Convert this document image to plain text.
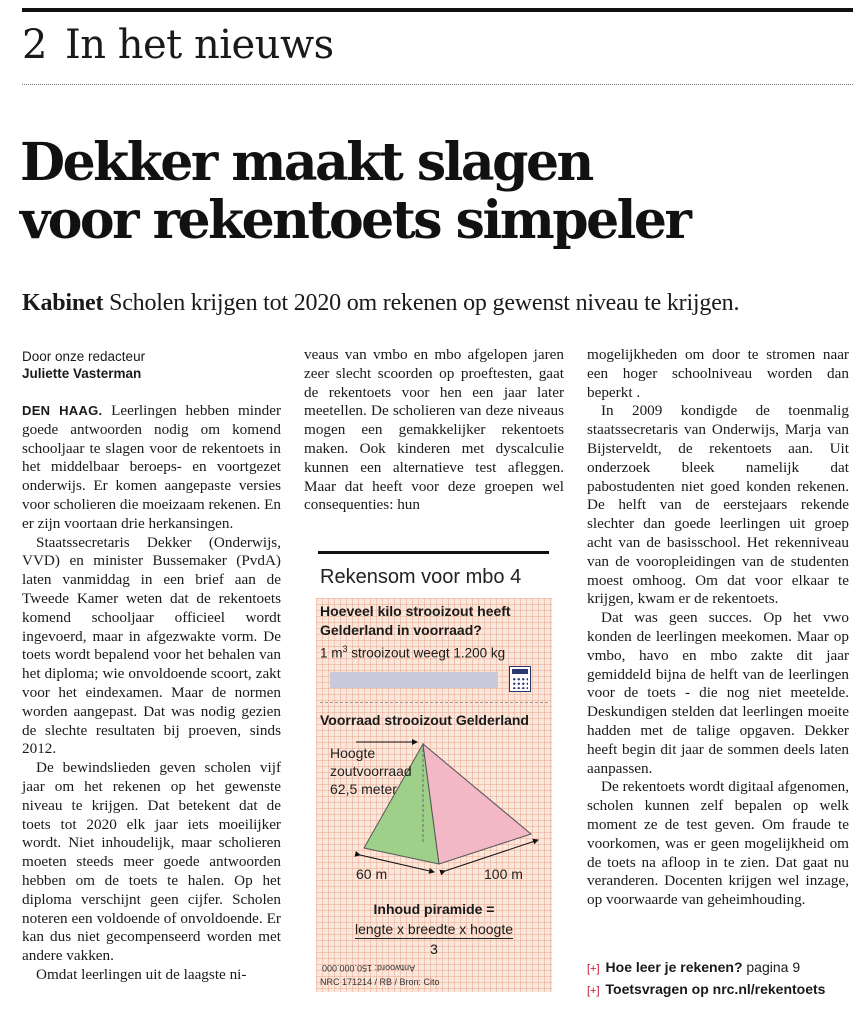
2 In het nieuws
Dekker maakt slagen
voor rekentoets simpeler
Kabinet Scholen krijgen tot 2020 om rekenen op gewenst niveau te krijgen.
Door onze redacteur
Juliette Vasterman

DEN HAAG. Leerlingen hebben minder goede antwoorden nodig om komend schooljaar te slagen voor de rekentoets in het middelbaar beroeps- en voortgezet onderwijs. Er komen aangepaste versies voor scholieren die moeizaam rekenen. En er zijn voortaan drie herkansingen.

Staatssecretaris Dekker (Onderwijs, VVD) en minister Bussemaker (PvdA) laten vanmiddag in een brief aan de Tweede Kamer weten dat de rekentoets komend schooljaar officieel wordt ingevoerd, maar in afgezwakte vorm. De toets wordt bepalend voor het behalen van het diploma; wie onvoldoende scoort, zakt voor het eindexamen. Maar de normen worden aangepast. Dat was nodig gezien de slechte resultaten bij proeven, sinds 2012.

De bewindslieden geven scholen vijf jaar om het rekenen op het gewenste niveau te krijgen. Dat betekent dat de toets tot 2020 elk jaar iets moeilijker wordt. Niet inhoudelijk, maar scholieren moeten steeds meer goede antwoorden hebben om de toets te halen. Op het diploma verschijnt geen cijfer. Scholen noteren een voldoende of onvoldoende. Er kan dus niet gecompenseerd worden met andere vakken.

Omdat leerlingen uit de laagste ni-

veaus van vmbo en mbo afgelopen jaren zeer slecht scoorden op proeftesten, gaat de rekentoets voor hen een jaar later meetellen. De scholieren van deze niveaus mogen een gemakkelijker rekentoets maken. Ook kinderen met dyscalculie kunnen een alternatieve test afleggen. Maar dat heeft voor deze groepen wel consequenties: hun

mogelijkheden om door te stromen naar een hoger schoolniveau worden dan beperkt .

In 2009 kondigde de toenmalig staatssecretaris van Onderwijs, Marja van Bijsterveldt, de rekentoets aan. Uit onderzoek bleek namelijk dat pabostudenten niet goed konden rekenen. De helft van de eerstejaars rekende slechter dan goede leerlingen uit groep acht van de basisschool. Het rekenniveau van de vooropleidingen van de studenten moest omhoog. Om dat voor elkaar te krijgen, kwam er de rekentoets.

Dat was geen succes. Op het vwo konden de leerlingen meekomen. Maar op vmbo, havo en mbo zakte dit jaar gemiddeld bijna de helft van de leerlingen voor de toets - die nog niet meetelde. Deskundigen stelden dat leerlingen moeite hadden met de talige opgaven. Dekker heeft begin dit jaar de sommen deels laten aanpassen.

De rekentoets wordt digitaal afgenomen, scholen kunnen zelf bepalen op welk moment ze de test geven. Om fraude te voorkomen, was er geen mogelijkheid om de toets na afloop in te zien. Dat gaat nu veranderen. Docenten krijgen wel inzage, op voorwaarde van geheimhouding.

Rekensom voor mbo 4
Hoeveel kilo strooizout heeft Gelderland in voorraad?
1 $m^3$ strooizout weegt 1.200 kg
Voorraad strooizout Gelderland
Hoogte
zoutvoorraad
62,5 meter
60 m	100 m
Inhoud piramide =
lengte x breedte x hoogte
3
Antwoord: 150.000.000
NRC 171214 / RB / Bron: Cito
[+] Hoe leer je rekenen? pagina 9
[+] Toetsvragen op nrc.nl/rekentoets
